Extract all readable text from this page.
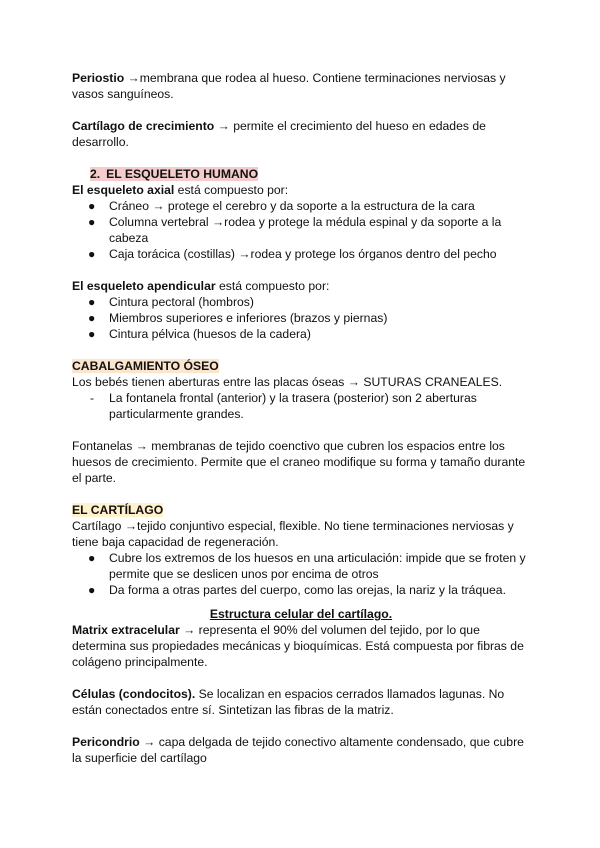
Periostio →membrana que rodea al hueso. Contiene terminaciones nerviosas y vasos sanguíneos.

Cartílago de crecimiento → permite el crecimiento del hueso en edades de desarrollo.

2. EL ESQUELETO HUMANO

El esqueleto axial está compuesto por:

● Cráneo → protege el cerebro y da soporte a la estructura de la cara
● Columna vertebral →rodea y protege la médula espinal y da soporte a la cabeza
● Caja torácica (costillas) →rodea y protege los órganos dentro del pecho

El esqueleto apendicular está compuesto por:

● Cintura pectoral (hombros)
● Miembros superiores e inferiores (brazos y piernas)
● Cintura pélvica (huesos de la cadera)

CABALGAMIENTO ÓSEO

Los bebés tienen aberturas entre las placas óseas → SUTURAS CRANEALES.

- La fontanela frontal (anterior) y la trasera (posterior) son 2 aberturas particularmente grandes.

Fontanelas → membranas de tejido coenctivo que cubren los espacios entre los huesos de crecimiento. Permite que el craneo modifique su forma y tamaño durante el parte.

EL CARTÍLAGO

Cartílago →tejido conjuntivo especial, flexible. No tiene terminaciones nerviosas y tiene baja capacidad de regeneración.

● Cubre los extremos de los huesos en una articulación: impide que se froten y permite que se deslicen unos por encima de otros
● Da forma a otras partes del cuerpo, como las orejas, la nariz y la tráquea.

Estructura celular del cartílago.

Matrix extracelular → representa el 90% del volumen del tejido, por lo que determina sus propiedades mecánicas y bioquímicas. Está compuesta por fibras de colágeno principalmente.

Células (condocitos). Se localizan en espacios cerrados llamados lagunas. No están conectados entre sí. Sintetizan las fibras de la matriz.

Pericondrio → capa delgada de tejido conectivo altamente condensado, que cubre la superficie del cartílago
